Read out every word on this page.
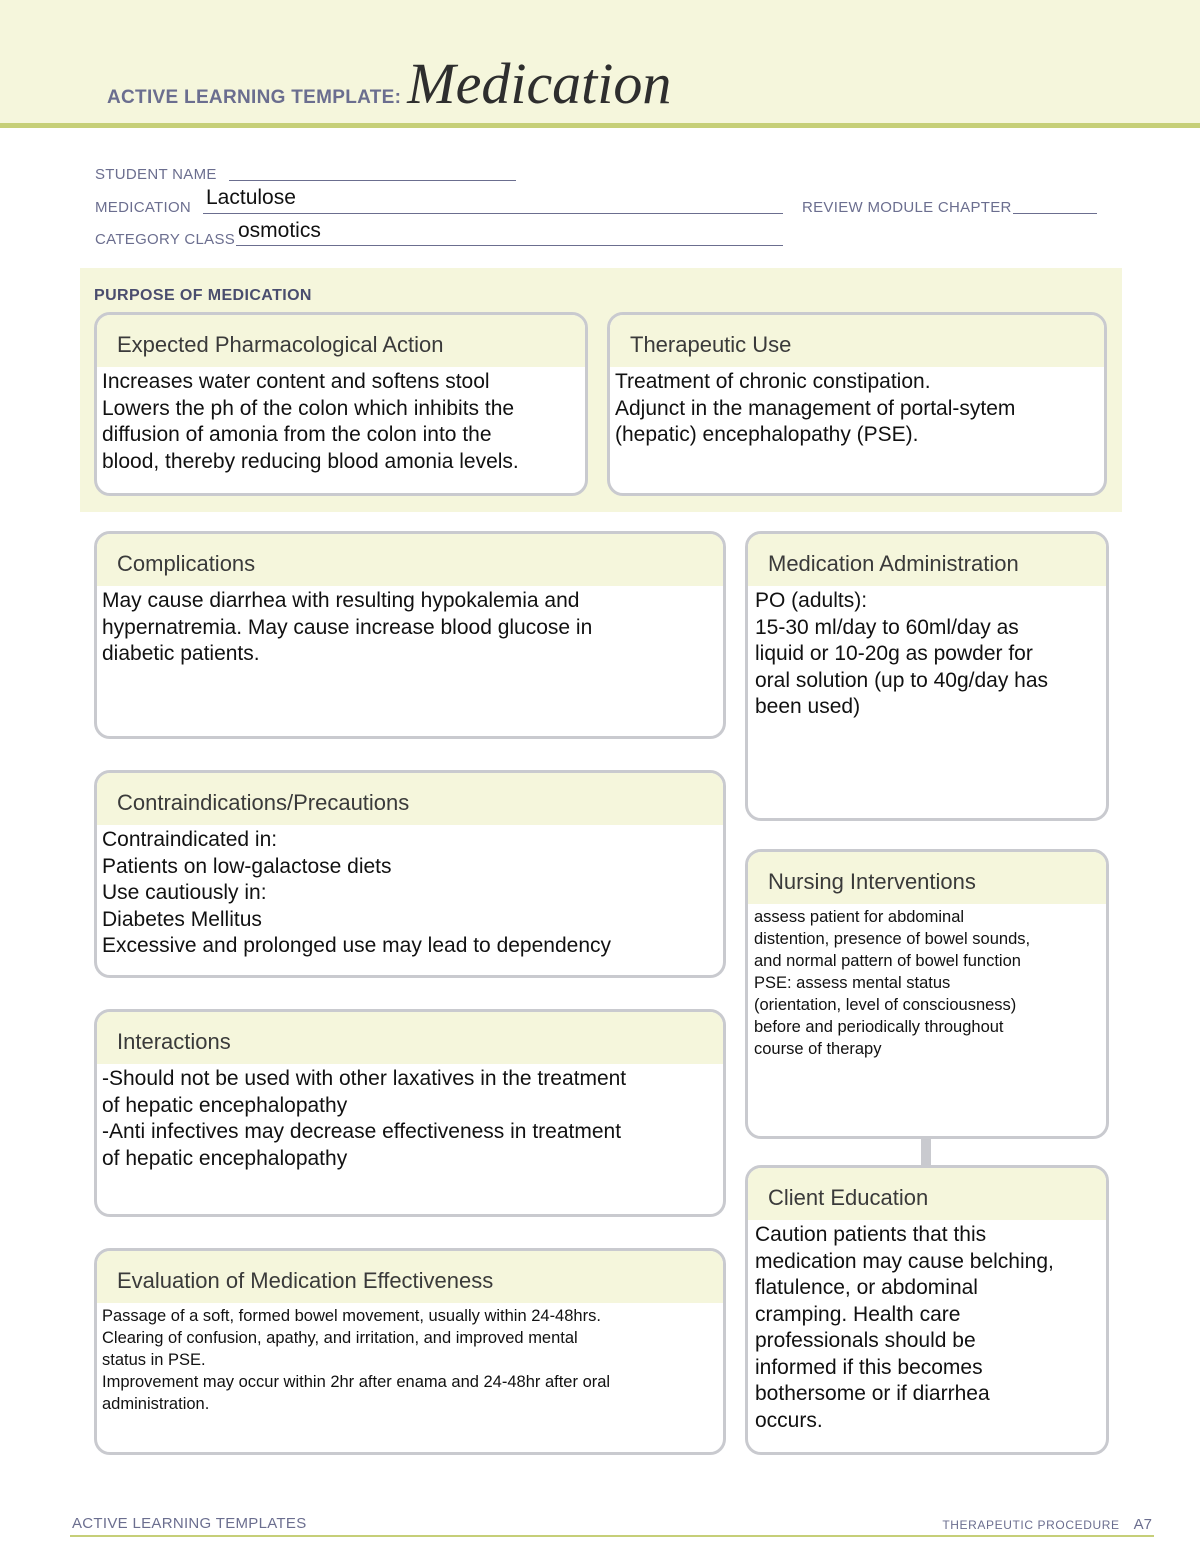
ACTIVE LEARNING TEMPLATE: Medication
STUDENT NAME
MEDICATION Lactulose	REVIEW MODULE CHAPTER
CATEGORY CLASS osmotics
PURPOSE OF MEDICATION
Expected Pharmacological Action
Increases water content and softens stool
Lowers the ph of the colon which inhibits the
diffusion of amonia from the colon into the
blood, thereby reducing blood amonia levels.
Therapeutic Use
Treatment of chronic constipation.
Adjunct in the management of portal-sytem
(hepatic) encephalopathy (PSE).
Complications
May cause diarrhea with resulting hypokalemia and
hypernatremia. May cause increase blood glucose in
diabetic patients.
Contraindications/Precautions
Contraindicated in:
Patients on low-galactose diets
Use cautiously in:
Diabetes Mellitus
Excessive and prolonged use may lead to dependency
Interactions
-Should not be used with other laxatives in the treatment
of hepatic encephalopathy
-Anti infectives may decrease effectiveness in treatment
of hepatic encephalopathy
Evaluation of Medication Effectiveness
Passage of a soft, formed bowel movement, usually within 24-48hrs.
Clearing of confusion, apathy, and irritation, and improved mental
status in PSE.
Improvement may occur within 2hr after enama and 24-48hr after oral
administration.
Medication Administration
PO (adults):
15-30 ml/day to 60ml/day as
liquid or 10-20g as powder for
oral solution (up to 40g/day has
been used)
Nursing Interventions
assess patient for abdominal
distention, presence of bowel sounds,
and normal pattern of bowel function
PSE: assess mental status
(orientation, level of consciousness)
before and periodically throughout
course of therapy
Client Education
Caution patients that this
medication may cause belching,
flatulence, or abdominal
cramping. Health care
professionals should be
informed if this becomes
bothersome or if diarrhea
occurs.
ACTIVE LEARNING TEMPLATES	THERAPEUTIC PROCEDURE A7
